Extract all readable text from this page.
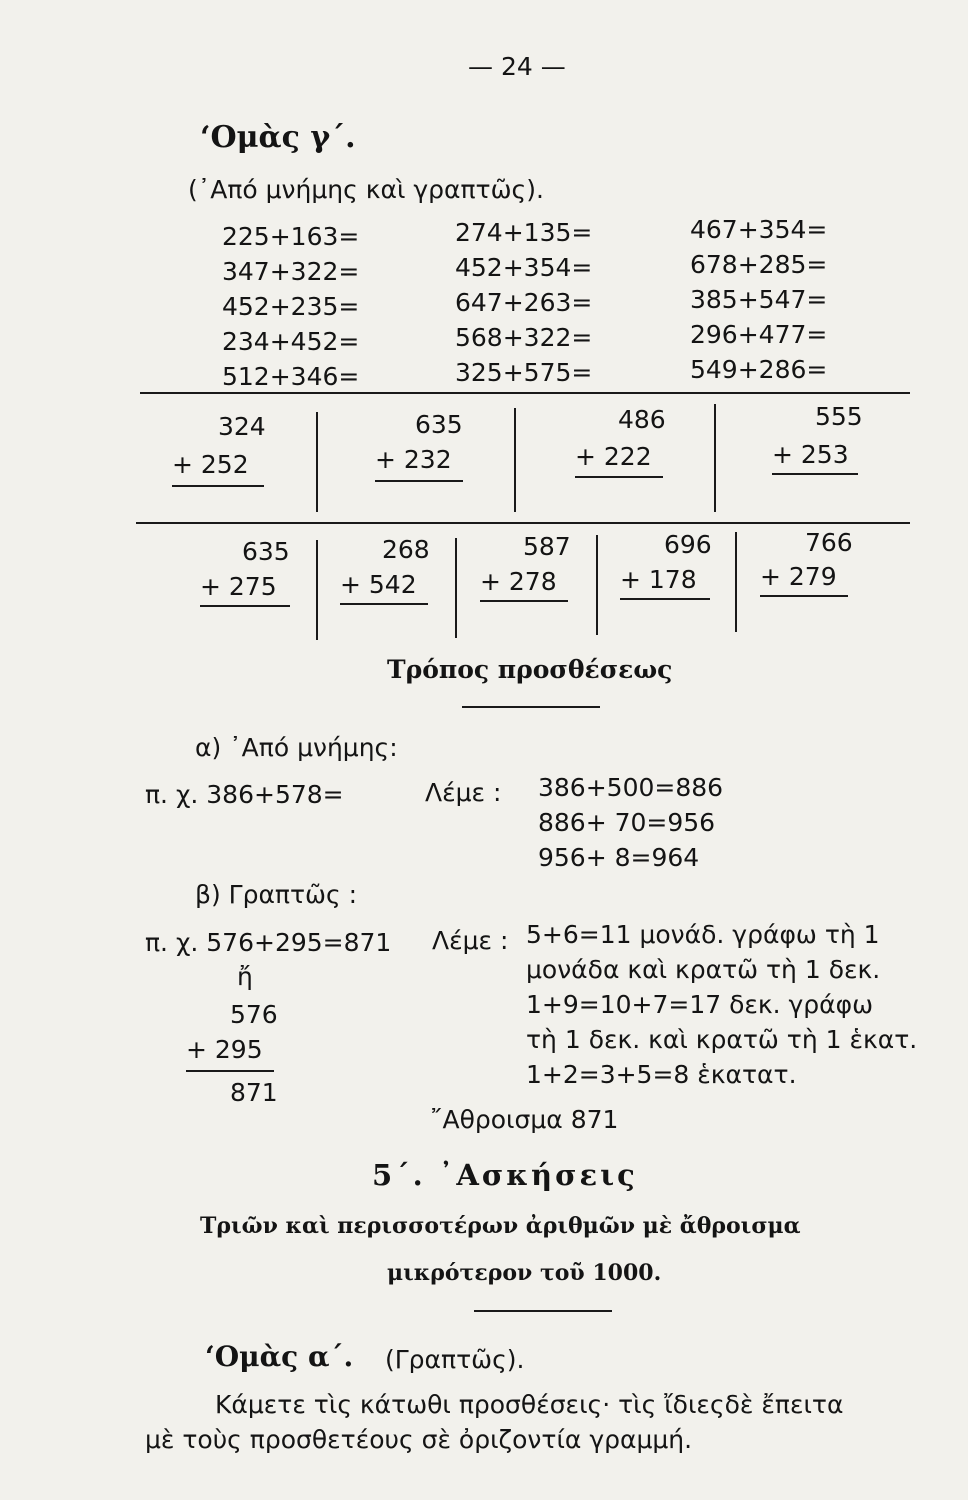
— 24 —
‘Ομὰς γ΄.
(᾽Από μνήμης καὶ γραπτῶς).
225+163=
347+322=
452+235=
234+452=
512+346=
274+135=
452+354=
647+263=
568+322=
325+575=
467+354=
678+285=
385+547=
296+477=
549+286=
324
+ 252
635
+ 232
486
+ 222
555
+ 253
635
+ 275
268
+ 542
587
+ 278
696
+ 178
766
+ 279
Τρόπος προσθέσεως
α) ᾽Από μνήμης:
π. χ. 386+578=	Λέμε : 386+500=886
886+ 70=956
956+ 8=964
β) Γραπτῶς :
π. χ. 576+295=871 Λέμε :
ἤ
576
+ 295
871
5+6=11 μονάδ. γράφω τὴ 1
μονάδα καὶ κρατῶ τὴ 1 δεκ.
1+9=10+7=17 δεκ. γράφω
τὴ 1 δεκ. καὶ κρατῶ τὴ 1 ἑκατ.
1+2=3+5=8 ἑκατατ.
῎Αθροισμα 871
5΄. ᾽Ασκήσεις
Τριῶν καὶ περισσοτέρων ἀριθμῶν μὲ ἄθροισμα
μικρότερον τοῦ 1000.
‘Ομὰς α΄. (Γραπτῶς).
Κάμετε τὶς κάτωθι προσθέσεις· τὶς ἴδιεςδὲ ἔπειτα
μὲ τοὺς προσθετέους σὲ ὀριζοντία γραμμή.
